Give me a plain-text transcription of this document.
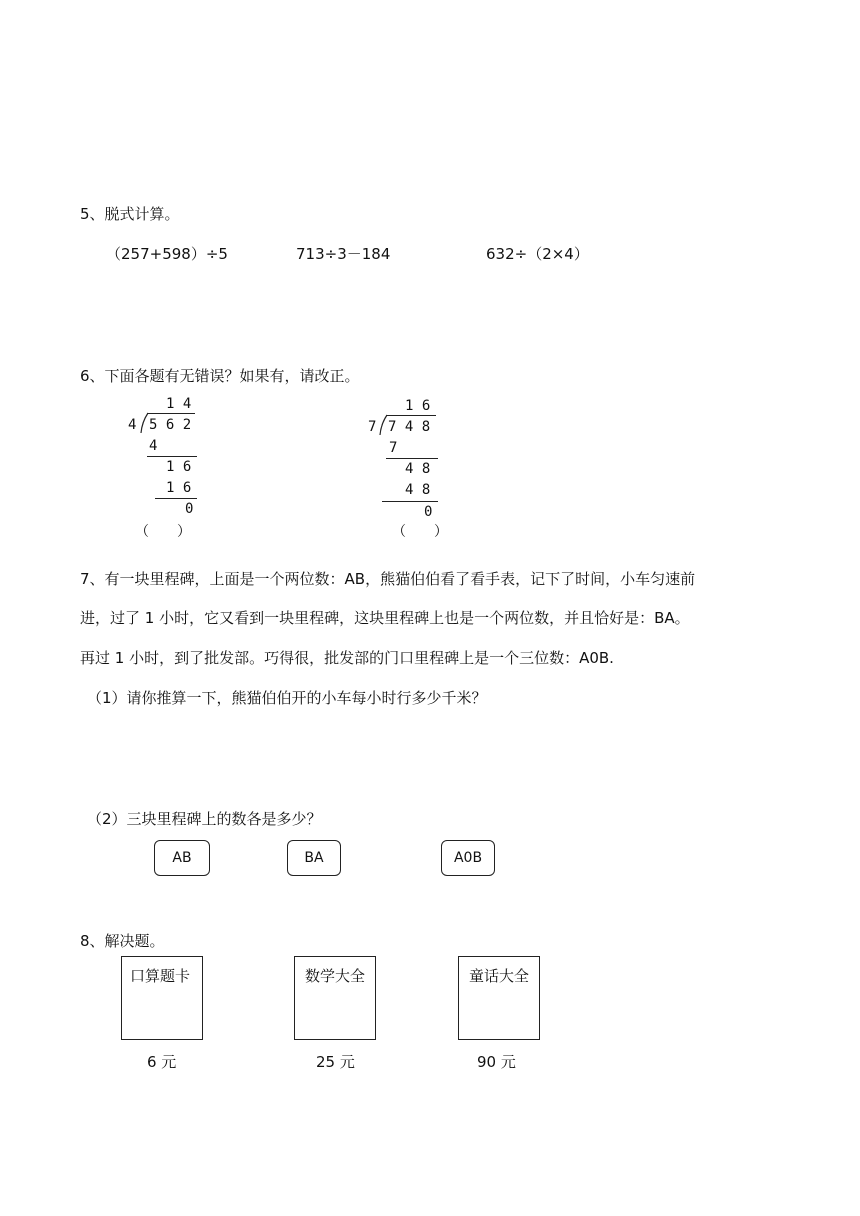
5、脱式计算。
（257+598）÷5	713÷3－184	632÷（2×4）
6、下面各题有无错误？如果有，请改正。
1 4
4 5 6 2
4
1 6
1 6
0
（　　）
1 6
7 7 4 8
7
4 8
4 8
0
（　　）
7、有一块里程碑，上面是一个两位数：AB，熊猫伯伯看了看手表，记下了时间，小车匀速前
进，过了 1 小时，它又看到一块里程碑，这块里程碑上也是一个两位数，并且恰好是：BA。
再过 1 小时，到了批发部。巧得很，批发部的门口里程碑上是一个三位数：A0B.
（1）请你推算一下，熊猫伯伯开的小车每小时行多少千米？
（2）三块里程碑上的数各是多少？
AB	BA	A0B
8、解决题。
口算题卡
6 元
数学大全
25 元
童话大全
90 元
